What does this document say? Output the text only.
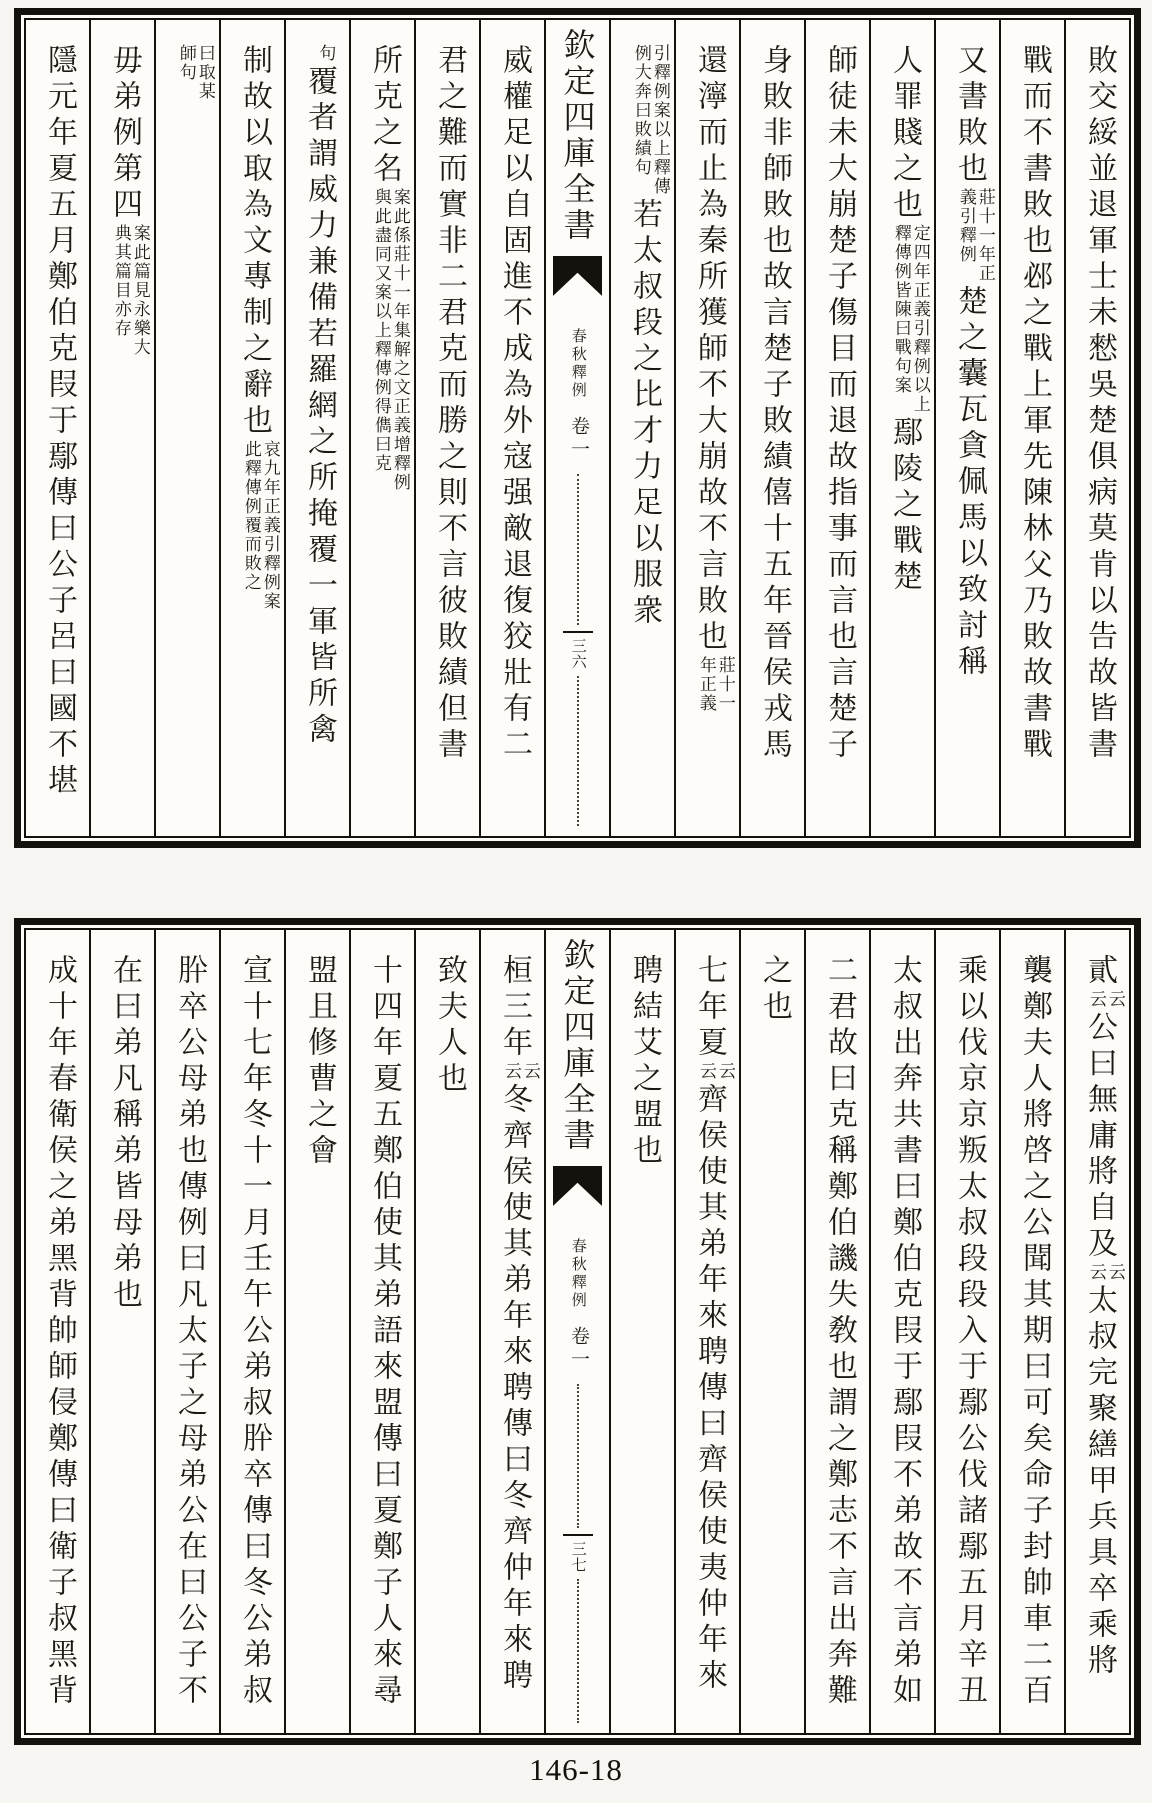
敗交綏並退軍士未憖吳楚俱病莫肯以告故皆書
戰而不書敗也邲之戰上軍先陳林父乃敗故書戰
又書敗也莊十一年正義引釋例楚之囊瓦貪佩馬以致討稱
人罪賤之也定四年正義引釋例以上釋傳例皆陳曰戰句案鄢陵之戰楚
師徒未大崩楚子傷目而退故指事而言也言楚子
身敗非師敗也故言楚子敗績僖十五年晉侯戎馬
還濘而止為秦所獲師不大崩故不言敗也莊十一年正義
引釋例案以上釋傳例大奔曰敗績句若太叔段之比才力足以服衆
欽定四庫全書
春秋釋例
卷一
三六
威權足以自固進不成為外寇强敵退復狡壯有二
君之難而實非二君克而勝之則不言彼敗績但書
所克之名案此係莊十一年集解之文正義增釋例與此盡同又案以上釋傳例得儁曰克
句覆者謂威力兼備若羅網之所掩覆一軍皆所禽
制故以取為文專制之辭也哀九年正義引釋例案此釋傳例覆而敗之
曰取某師句
毋弟例第四案此篇見永樂大典其篇目亦存
隱元年夏五月鄭伯克叚于鄢傳曰公子呂曰國不堪
貳云云公曰無庸將自及云云太叔完聚繕甲兵具卒乘將
襲鄭夫人將啓之公聞其期曰可矣命子封帥車二百
乘以伐京京叛太叔段段入于鄢公伐諸鄢五月辛丑
太叔出奔共書曰鄭伯克叚于鄢叚不弟故不言弟如
二君故曰克稱鄭伯譏失敎也謂之鄭志不言出奔難
之也
七年夏云云齊侯使其弟年來聘傳曰齊侯使夷仲年來
聘結艾之盟也
欽定四庫全書
春秋釋例
卷一
三七
桓三年云云冬齊侯使其弟年來聘傳曰冬齊仲年來聘
致夫人也
十四年夏五鄭伯使其弟語來盟傳曰夏鄭子人來尋
盟且修曹之會
宣十七年冬十一月壬午公弟叔肸卒傳曰冬公弟叔
肸卒公母弟也傳例曰凡太子之母弟公在曰公子不
在曰弟凡稱弟皆母弟也
成十年春衛侯之弟黑背帥師侵鄭傳曰衛子叔黑背
146-18
